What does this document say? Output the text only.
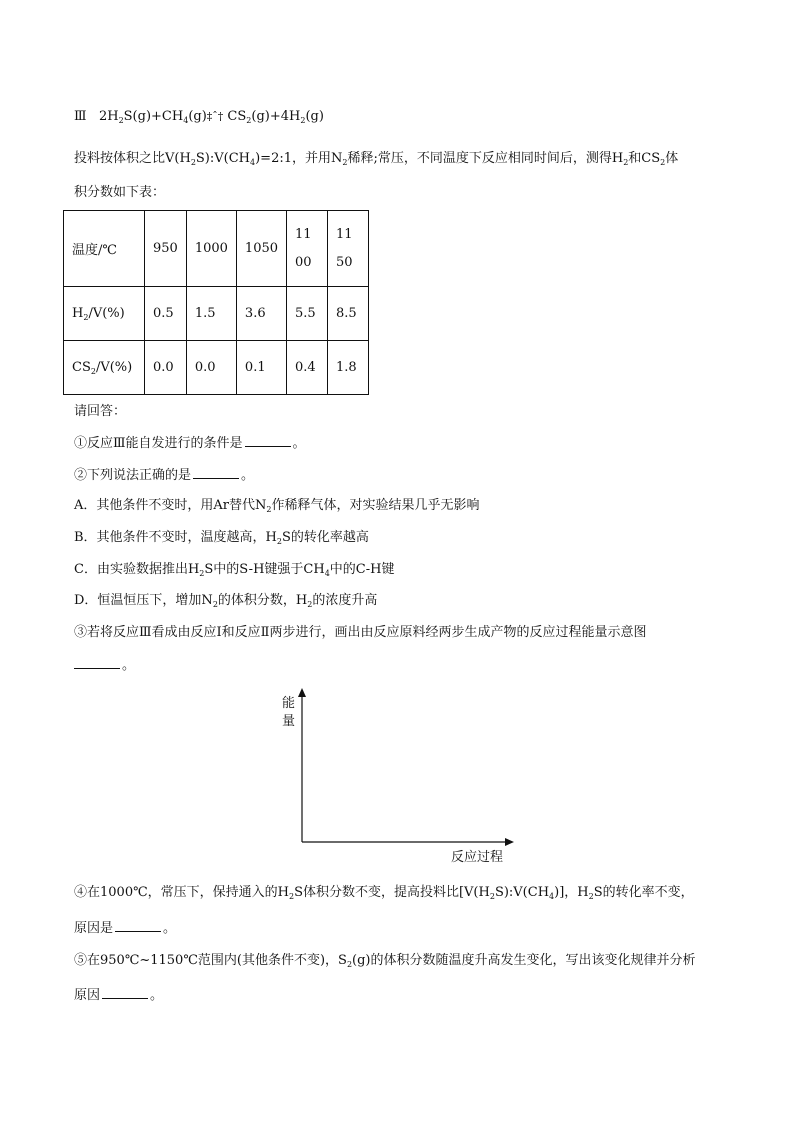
Ⅲ $2H_2S(g)+CH_4(g)\ddagger ˆ\dagger$ $CS_2(g)+4H_2(g)$
投料按体积之比$V(H_2S):V(CH_4)=2:1$，并用$N_2$稀释;常压，不同温度下反应相同时间后，测得$H_2$和$CS_2$体
积分数如下表：
温度/℃	950	1000	1050	1100	1150

$H_2/V(\%)$	0.5	1.5	3.6	5.5	8.5
$CS_2/V(\%)$	0.0	0.0	0.1	0.4	1.8
请回答：
①反应Ⅲ能自发进行的条件是	。
②下列说法正确的是	。
A．其他条件不变时，用Ar替代$N_2$作稀释气体，对实验结果几乎无影响
B．其他条件不变时，温度越高，$H_2S$的转化率越高
C．由实验数据推出$H_2S$中的S-H键强于$CH_4$中的C-H键
D．恒温恒压下，增加$N_2$的体积分数，$H_2$的浓度升高
③若将反应Ⅲ看成由反应Ⅰ和反应Ⅱ两步进行，画出由反应原料经两步生成产物的反应过程能量示意图
。
能
量
反应过程
④在1000℃，常压下，保持通入的$H_2S$体积分数不变，提高投料比$[V(H_2S):V(CH_4)]$，$H_2S$的转化率不变，
原因是	。
⑤在950℃~1150℃范围内(其他条件不变)，$S_2(g)$的体积分数随温度升高发生变化，写出该变化规律并分析
原因	。
